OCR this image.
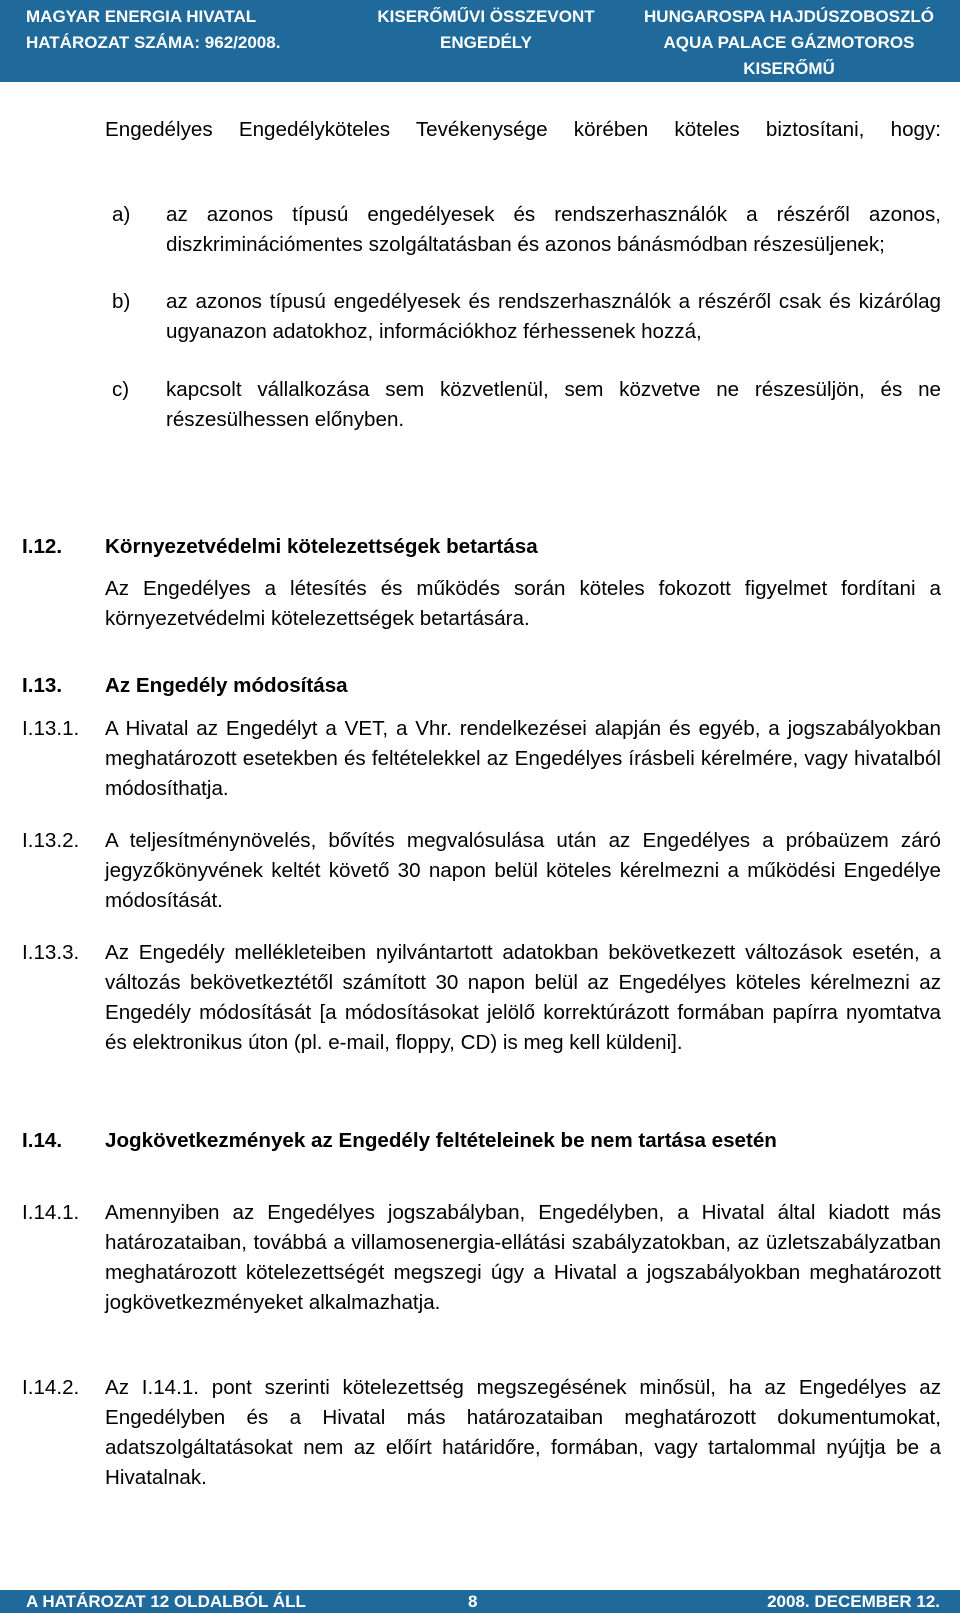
MAGYAR ENERGIA HIVATAL
HATÁROZAT SZÁMA: 962/2008.
KISERŐMŰVI ÖSSZEVONT
ENGEDÉLY
HUNGAROSPA HAJDÚSZOBOSZLÓ
AQUA PALACE GÁZMOTOROS
KISERŐMŰ
Engedélyes Engedélyköteles Tevékenysége körében köteles biztosítani, hogy:
a) az azonos típusú engedélyesek és rendszerhasználók a részéről azonos, diszkriminációmentes szolgáltatásban és azonos bánásmódban részesüljenek;
b) az azonos típusú engedélyesek és rendszerhasználók a részéről csak és kizárólag ugyanazon adatokhoz, információkhoz férhessenek hozzá,
c) kapcsolt vállalkozása sem közvetlenül, sem közvetve ne részesüljön, és ne részesülhessen előnyben.
I.12. Környezetvédelmi kötelezettségek betartása
Az Engedélyes a létesítés és működés során köteles fokozott figyelmet fordítani a környezetvédelmi kötelezettségek betartására.
I.13. Az Engedély módosítása
I.13.1. A Hivatal az Engedélyt a VET, a Vhr. rendelkezései alapján és egyéb, a jogszabályokban meghatározott esetekben és feltételekkel az Engedélyes írásbeli kérelmére, vagy hivatalból módosíthatja.
I.13.2. A teljesítménynövelés, bővítés megvalósulása után az Engedélyes a próbaüzem záró jegyzőkönyvének keltét követő 30 napon belül köteles kérelmezni a működési Engedélye módosítását.
I.13.3. Az Engedély mellékleteiben nyilvántartott adatokban bekövetkezett változások esetén, a változás bekövetkeztétől számított 30 napon belül az Engedélyes köteles kérelmezni az Engedély módosítását [a módosításokat jelölő korrektúrázott formában papírra nyomtatva és elektronikus úton (pl. e-mail, floppy, CD) is meg kell küldeni].
I.14. Jogkövetkezmények az Engedély feltételeinek be nem tartása esetén
I.14.1. Amennyiben az Engedélyes jogszabályban, Engedélyben, a Hivatal által kiadott más határozataiban, továbbá a villamosenergia-ellátási szabályzatokban, az üzletszabályzatban meghatározott kötelezettségét megszegi úgy a Hivatal a jogszabályokban meghatározott jogkövetkezményeket alkalmazhatja.
I.14.2. Az I.14.1. pont szerinti kötelezettség megszegésének minősül, ha az Engedélyes az Engedélyben és a Hivatal más határozataiban meghatározott dokumentumokat, adatszolgáltatásokat nem az előírt határidőre, formában, vagy tartalommal nyújtja be a Hivatalnak.
A HATÁROZAT 12 OLDALBÓL ÁLL	8	2008. DECEMBER 12.
